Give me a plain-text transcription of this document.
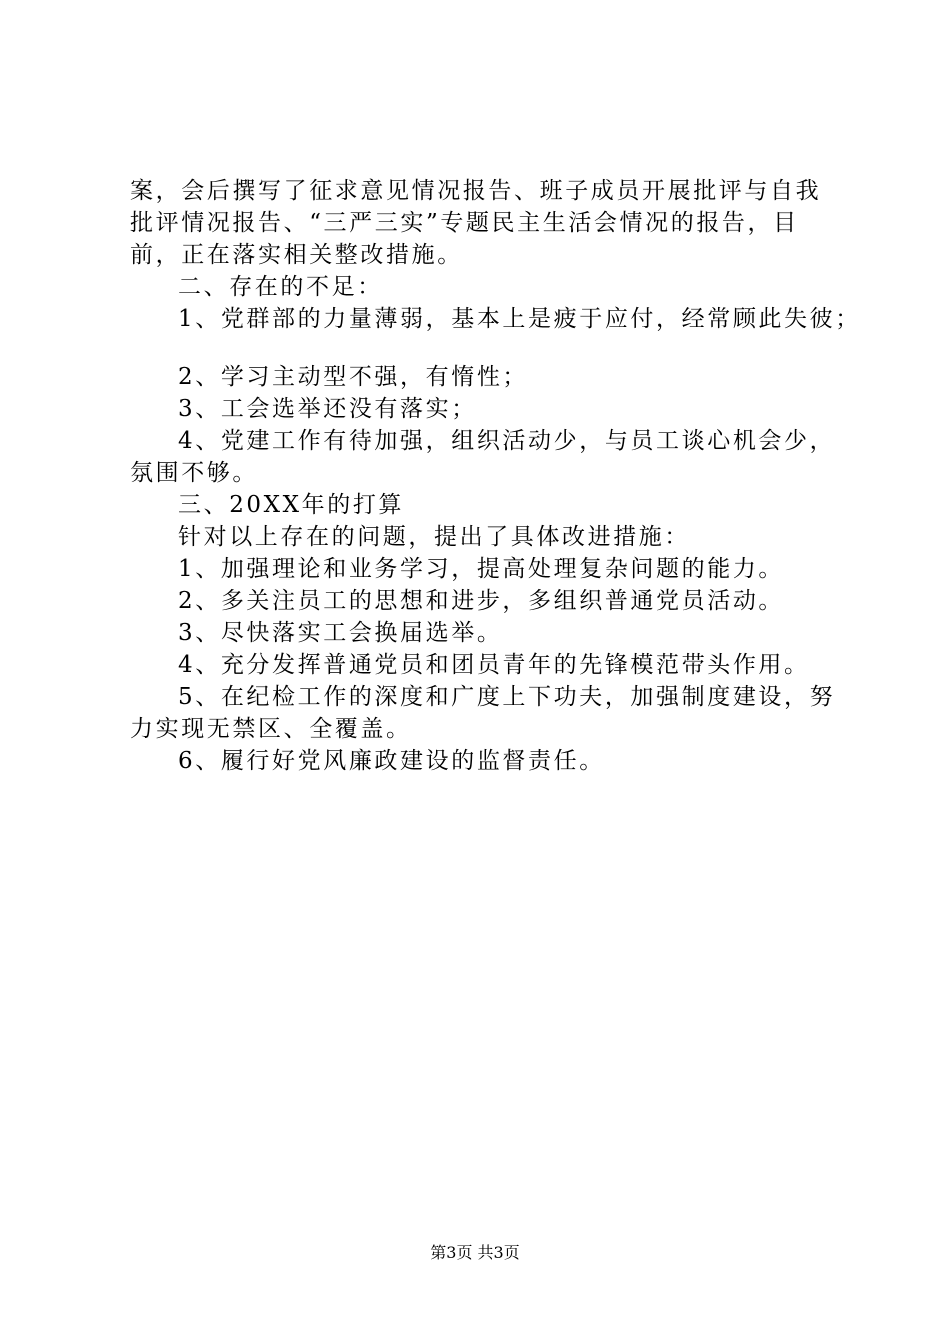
案，会后撰写了征求意见情况报告、班子成员开展批评与自我
批评情况报告、“三严三实”专题民主生活会情况的报告，目
前，正在落实相关整改措施。
二、存在的不足：
1、党群部的力量薄弱，基本上是疲于应付，经常顾此失彼；
2、学习主动型不强，有惰性；
3、工会选举还没有落实；
4、党建工作有待加强，组织活动少，与员工谈心机会少，
氛围不够。
三、20XX年的打算
针对以上存在的问题，提出了具体改进措施：
1、加强理论和业务学习，提高处理复杂问题的能力。
2、多关注员工的思想和进步，多组织普通党员活动。
3、尽快落实工会换届选举。
4、充分发挥普通党员和团员青年的先锋模范带头作用。
5、在纪检工作的深度和广度上下功夫，加强制度建设，努
力实现无禁区、全覆盖。
6、履行好党风廉政建设的监督责任。
第3页 共3页
